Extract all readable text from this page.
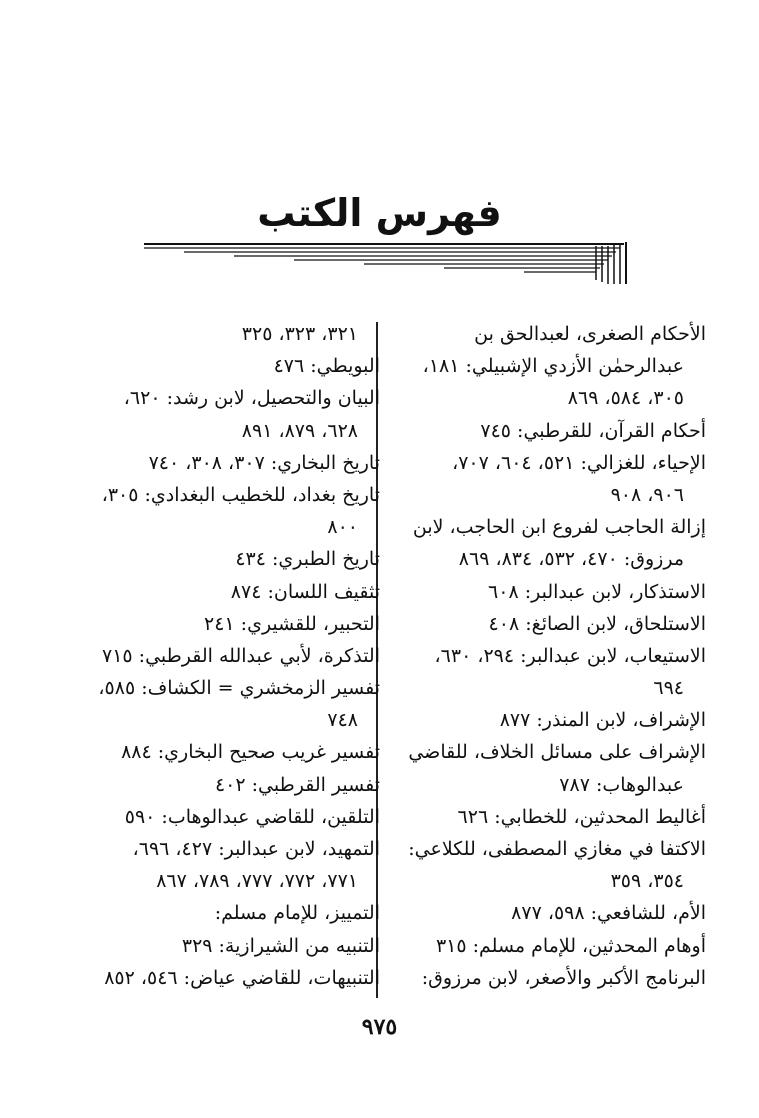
فهرس الكتب
الأحكام الصغرى، لعبدالحق بن
عبدالرحمٰن الأزدي الإشبيلي: ١٨١،
٣٠٥، ٥٨٤، ٨٦٩
أحكام القرآن، للقرطبي: ٧٤٥
الإحياء، للغزالي: ٥٢١، ٦٠٤، ٧٠٧،
٩٠٦، ٩٠٨
إزالة الحاجب لفروع ابن الحاجب، لابن
مرزوق: ٤٧٠، ٥٣٢، ٨٣٤، ٨٦٩
الاستذكار، لابن عبدالبر: ٦٠٨
الاستلحاق، لابن الصائغ: ٤٠٨
الاستيعاب، لابن عبدالبر: ٢٩٤، ٦٣٠،
٦٩٤
الإشراف، لابن المنذر: ٨٧٧
الإشراف على مسائل الخلاف، للقاضي
عبدالوهاب: ٧٨٧
أغاليط المحدثين، للخطابي: ٦٢٦
الاكتفا في مغازي المصطفى، للكلاعي:
٣٥٤، ٣٥٩
الأم، للشافعي: ٥٩٨، ٨٧٧
أوهام المحدثين، للإمام مسلم: ٣١٥
البرنامج الأكبر والأصغر، لابن مرزوق:
٣٢١، ٣٢٣، ٣٢٥
البويطي: ٤٧٦
البيان والتحصيل، لابن رشد: ٦٢٠،
٦٢٨، ٨٧٩، ٨٩١
تاريخ البخاري: ٣٠٧، ٣٠٨، ٧٤٠
تاريخ بغداد، للخطيب البغدادي: ٣٠٥،
٨٠٠
تاريخ الطبري: ٤٣٤
تثقيف اللسان: ٨٧٤
التحبير، للقشيري: ٢٤١
التذكرة، لأبي عبدالله القرطبي: ٧١٥
تفسير الزمخشري = الكشاف: ٥٨٥،
٧٤٨
تفسير غريب صحيح البخاري: ٨٨٤
تفسير القرطبي: ٤٠٢
التلقين، للقاضي عبدالوهاب: ٥٩٠
التمهيد، لابن عبدالبر: ٤٢٧، ٦٩٦،
٧٧١، ٧٧٢، ٧٧٧، ٧٨٩، ٨٦٧
التمييز، للإمام مسلم:
التنبيه من الشيرازية: ٣٢٩
التنبيهات، للقاضي عياض: ٥٤٦، ٨٥٢
٩٧٥
